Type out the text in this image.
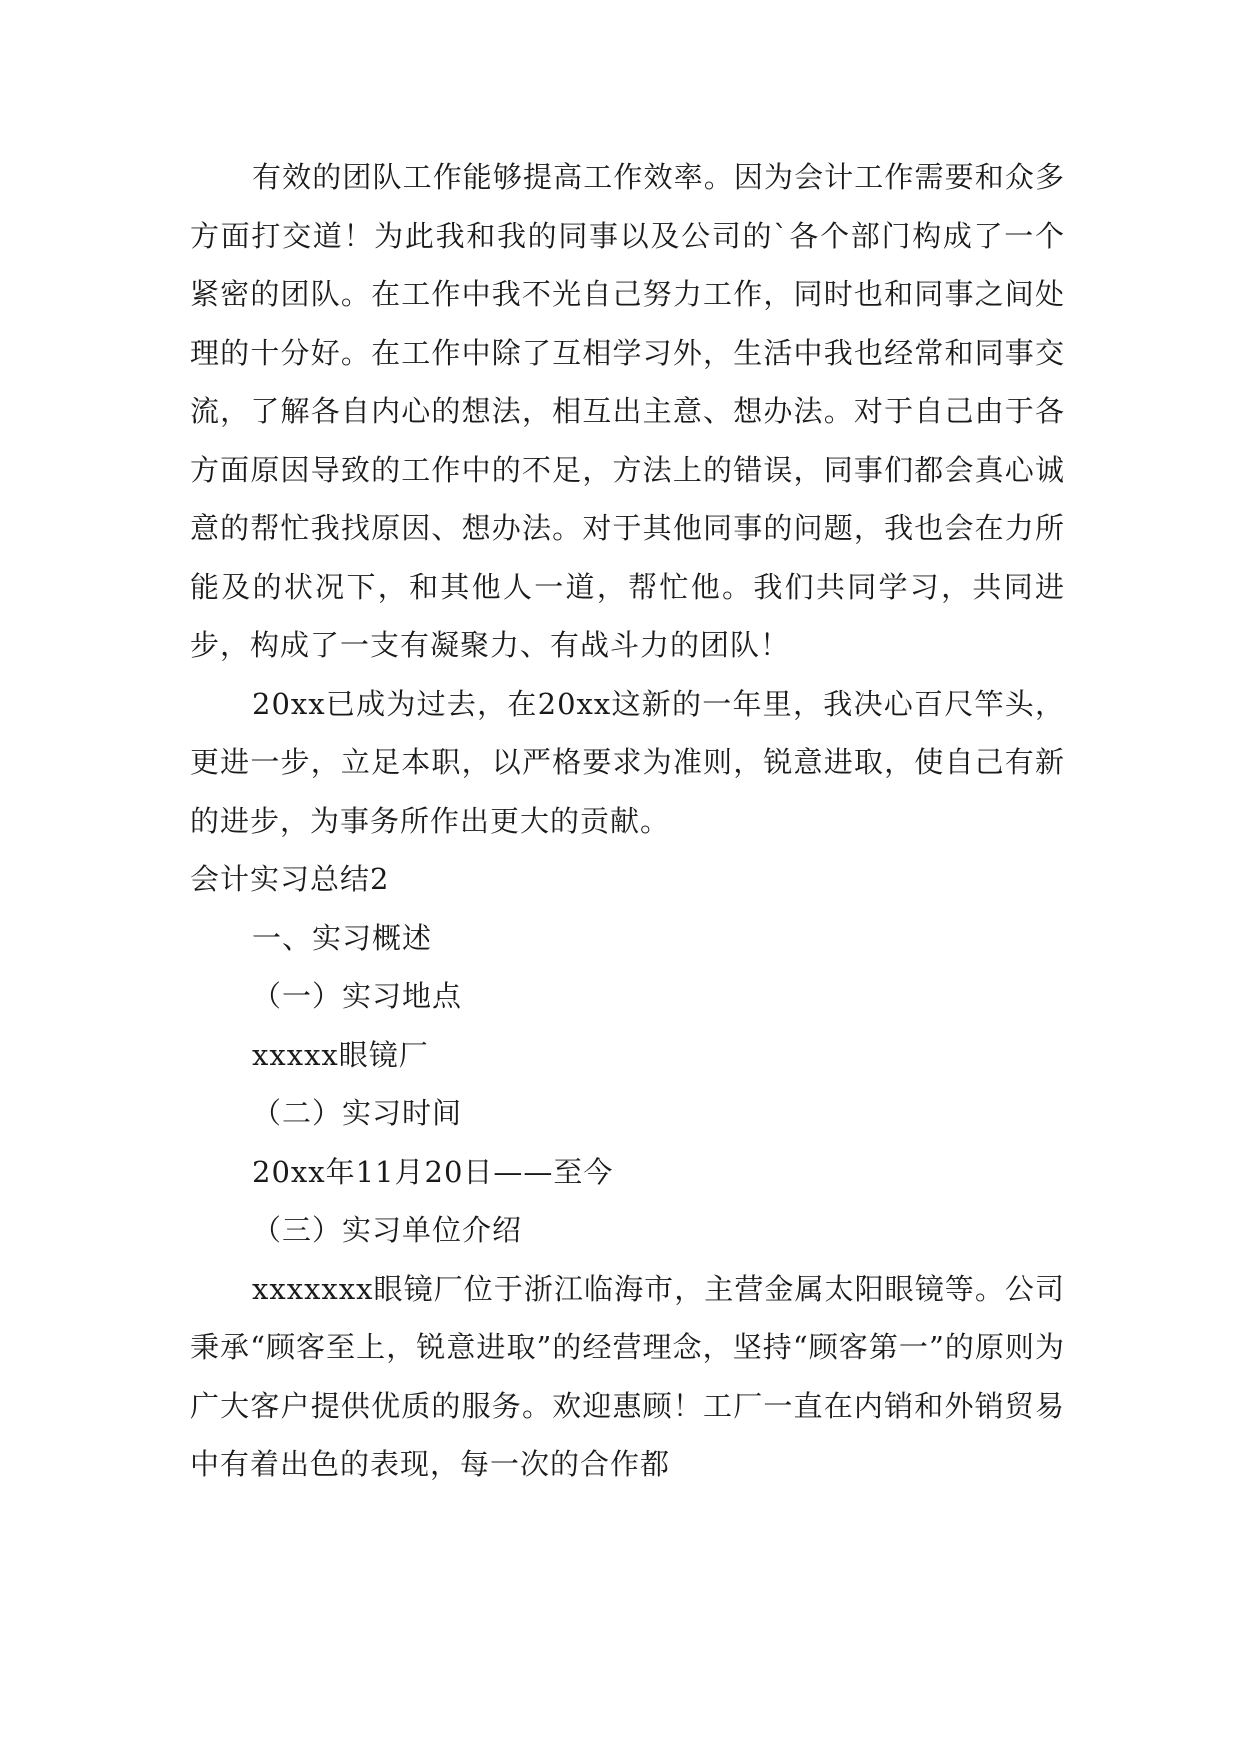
有效的团队工作能够提高工作效率。因为会计工作需要和众多方面打交道！为此我和我的同事以及公司的`各个部门构成了一个紧密的团队。在工作中我不光自己努力工作，同时也和同事之间处理的十分好。在工作中除了互相学习外，生活中我也经常和同事交流，了解各自内心的想法，相互出主意、想办法。对于自己由于各方面原因导致的工作中的不足，方法上的错误，同事们都会真心诚意的帮忙我找原因、想办法。对于其他同事的问题，我也会在力所能及的状况下，和其他人一道，帮忙他。我们共同学习，共同进步，构成了一支有凝聚力、有战斗力的团队！

20xx已成为过去，在20xx这新的一年里，我决心百尺竿头，更进一步，立足本职，以严格要求为准则，锐意进取，使自己有新的进步，为事务所作出更大的贡献。

会计实习总结2

一、实习概述

（一）实习地点

xxxxx眼镜厂

（二）实习时间

20xx年11月20日——至今

（三）实习单位介绍

xxxxxxx眼镜厂位于浙江临海市，主营金属太阳眼镜等。公司秉承“顾客至上，锐意进取”的经营理念，坚持“顾客第一”的原则为广大客户提供优质的服务。欢迎惠顾！工厂一直在内销和外销贸易中有着出色的表现，每一次的合作都
